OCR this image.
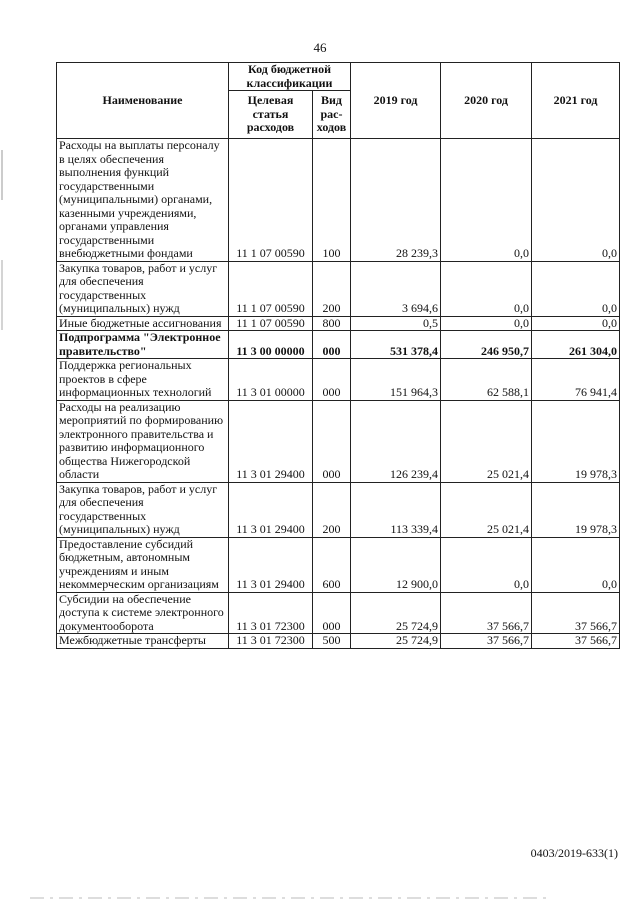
46
Наименование	Код бюджетной классификации		2019 год	2020 год	2021 год
	Целевая статья расходов	Вид рас-ходов			
Расходы на выплаты персоналу в целях обеспечения выполнения функций государственными (муниципальными) органами, казенными учреждениями, органами управления государственными внебюджетными фондами	11 1 07 00590	100	28 239,3	0,0	0,0
Закупка товаров, работ и услуг для обеспечения государственных (муниципальных) нужд	11 1 07 00590	200	3 694,6	0,0	0,0
Иные бюджетные ассигнования	11 1 07 00590	800	0,5	0,0	0,0
Подпрограмма "Электронное правительство"	11 3 00 00000	000	531 378,4	246 950,7	261 304,0
Поддержка региональных проектов в сфере информационных технологий	11 3 01 00000	000	151 964,3	62 588,1	76 941,4
Расходы на реализацию мероприятий по формированию электронного правительства и развитию информационного общества Нижегородской области	11 3 01 29400	000	126 239,4	25 021,4	19 978,3
Закупка товаров, работ и услуг для обеспечения государственных (муниципальных) нужд	11 3 01 29400	200	113 339,4	25 021,4	19 978,3
Предоставление субсидий бюджетным, автономным учреждениям и иным некоммерческим организациям	11 3 01 29400	600	12 900,0	0,0	0,0
Субсидии на обеспечение доступа к системе электронного документооборота	11 3 01 72300	000	25 724,9	37 566,7	37 566,7
Межбюджетные трансферты	11 3 01 72300	500	25 724,9	37 566,7	37 566,7
0403/2019-633(1)
